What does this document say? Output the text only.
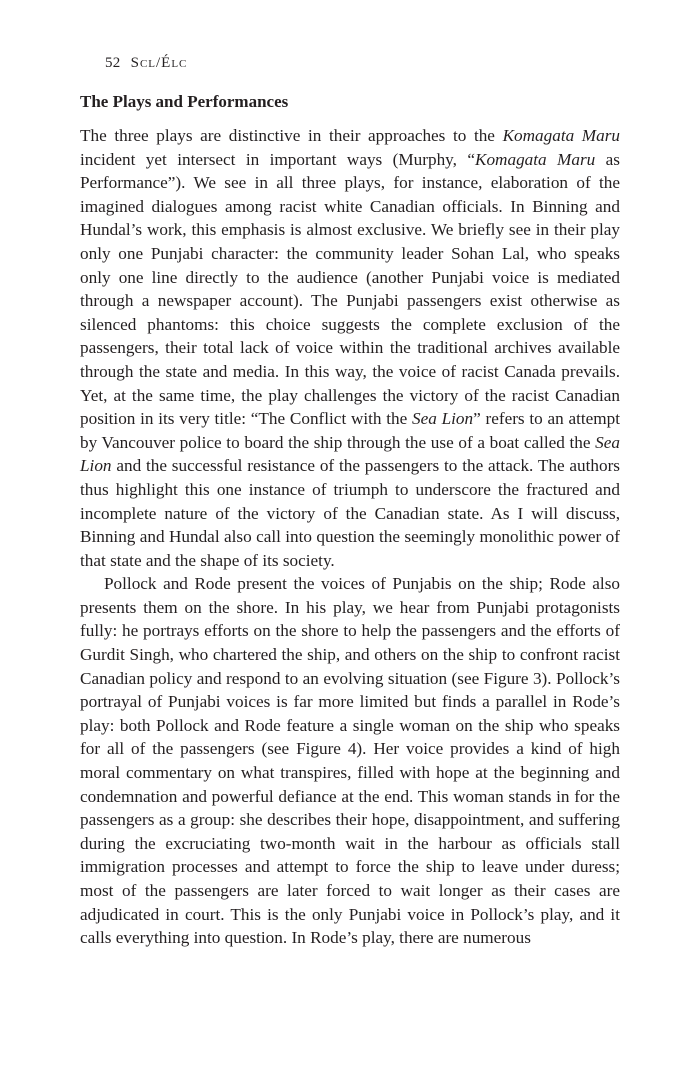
52 Scl/Élc
The Plays and Performances

The three plays are distinctive in their approaches to the Komagata Maru incident yet intersect in important ways (Murphy, “Komagata Maru as Performance”). We see in all three plays, for instance, elaboration of the imagined dialogues among racist white Canadian officials. In Binning and Hundal’s work, this emphasis is almost exclusive. We briefly see in their play only one Punjabi character: the community leader Sohan Lal, who speaks only one line directly to the audience (another Punjabi voice is mediated through a newspaper account). The Punjabi passengers exist otherwise as silenced phantoms: this choice suggests the complete exclusion of the passengers, their total lack of voice within the traditional archives available through the state and media. In this way, the voice of racist Canada prevails. Yet, at the same time, the play challenges the victory of the racist Canadian position in its very title: “The Conflict with the Sea Lion” refers to an attempt by Vancouver police to board the ship through the use of a boat called the Sea Lion and the successful resistance of the passengers to the attack. The authors thus highlight this one instance of triumph to underscore the fractured and incomplete nature of the victory of the Canadian state. As I will discuss, Binning and Hundal also call into question the seemingly monolithic power of that state and the shape of its society.

Pollock and Rode present the voices of Punjabis on the ship; Rode also presents them on the shore. In his play, we hear from Punjabi protagonists fully: he portrays efforts on the shore to help the passengers and the efforts of Gurdit Singh, who chartered the ship, and others on the ship to confront racist Canadian policy and respond to an evolving situation (see Figure 3). Pollock’s portrayal of Punjabi voices is far more limited but finds a parallel in Rode’s play: both Pollock and Rode feature a single woman on the ship who speaks for all of the passengers (see Figure 4). Her voice provides a kind of high moral commentary on what transpires, filled with hope at the beginning and condemnation and powerful defiance at the end. This woman stands in for the passengers as a group: she describes their hope, disappointment, and suffering during the excruciating two-month wait in the harbour as officials stall immigration processes and attempt to force the ship to leave under duress; most of the passengers are later forced to wait longer as their cases are adjudicated in court. This is the only Punjabi voice in Pollock’s play, and it calls everything into question. In Rode’s play, there are numerous
